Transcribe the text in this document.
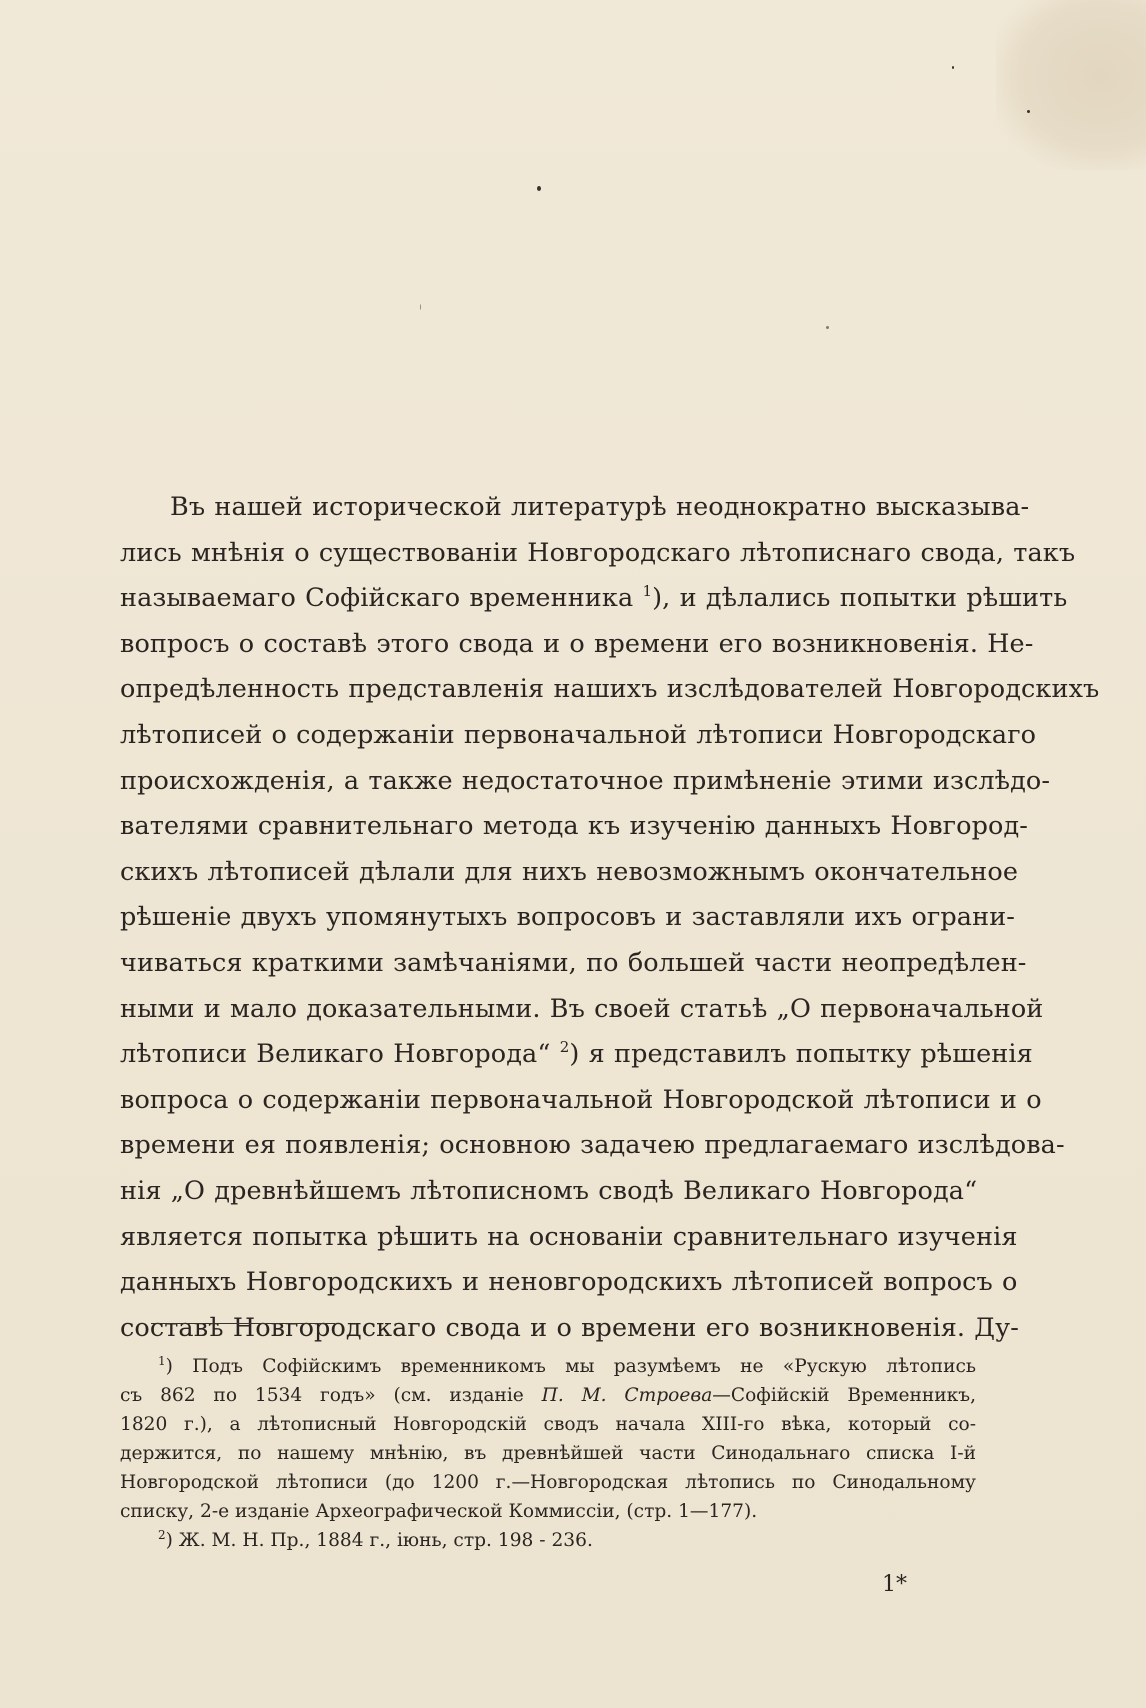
Въ нашей исторической литературѣ неоднократно высказыва-
лись мнѣнія о существованіи Новгородскаго лѣтописнаго свода, такъ
называемаго Софійскаго временника $^1$), и дѣлались попытки рѣшить
вопросъ о составѣ этого свода и о времени его возникновенія. Не-
опредѣленность представленія нашихъ изслѣдователей Новгородскихъ
лѣтописей о содержаніи первоначальной лѣтописи Новгородскаго
происхожденія, а также недостаточное примѣненіе этими изслѣдо-
вателями сравнительнаго метода къ изученію данныхъ Новгород-
скихъ лѣтописей дѣлали для нихъ невозможнымъ окончательное
рѣшеніе двухъ упомянутыхъ вопросовъ и заставляли ихъ ограни-
чиваться краткими замѣчаніями, по большей части неопредѣлен-
ными и мало доказательными. Въ своей статьѣ „О первоначальной
лѣтописи Великаго Новгорода“ $^2$) я представилъ попытку рѣшенія
вопроса о содержаніи первоначальной Новгородской лѣтописи и о
времени ея появленія; основною задачею предлагаемаго изслѣдова-
нія „О древнѣйшемъ лѣтописномъ сводѣ Великаго Новгорода“
является попытка рѣшить на основаніи сравнительнаго изученія
данныхъ Новгородскихъ и неновгородскихъ лѣтописей вопросъ о
составѣ Новгородскаго свода и о времени его возникновенія. Ду-
$^1$) Подъ Софійскимъ временникомъ мы разумѣемъ не «Рускую лѣтопись
съ 862 по 1534 годъ» (см. изданіе П. М. Строева—Софійскій Временникъ,
1820 г.), а лѣтописный Новгородскій сводъ начала XIII-го вѣка, который со-
держится, по нашему мнѣнію, въ древнѣйшей части Синодальнаго списка І-й
Новгородской лѣтописи (до 1200 г.—Новгородская лѣтопись по Синодальному
списку, 2-е изданіе Археографической Коммиссіи, (стр. 1—177).
$^2$) Ж. М. Н. Пр., 1884 г., іюнь, стр. 198 - 236.
1*
